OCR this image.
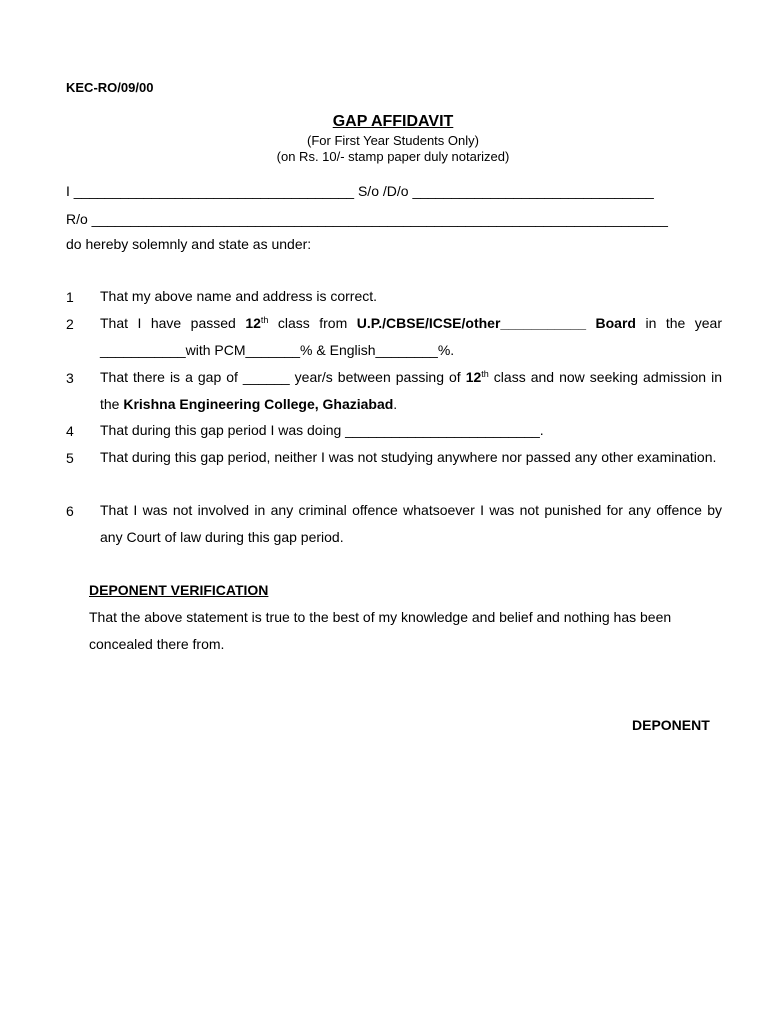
KEC-RO/09/00
GAP AFFIDAVIT
(For First Year Students Only)
(on Rs. 10/- stamp paper duly notarized)
I ____________________________________ S/o /D/o _______________________________
R/o __________________________________________________________________________
do hereby solemnly and state as under:
1 That my above name and address is correct.
2 That I have passed 12th class from U.P./CBSE/ICSE/other___________ Board in the year ___________with PCM_______% & English________%.
3 That there is a gap of ______ year/s between passing of 12th class and now seeking admission in the Krishna Engineering College, Ghaziabad.
4 That during this gap period I was doing _________________________.
5 That during this gap period, neither I was not studying anywhere nor passed any other examination.
6 That I was not involved in any criminal offence whatsoever I was not punished for any offence by any Court of law during this gap period.
DEPONENT VERIFICATION
That the above statement is true to the best of my knowledge and belief and nothing has been concealed there from.
DEPONENT
